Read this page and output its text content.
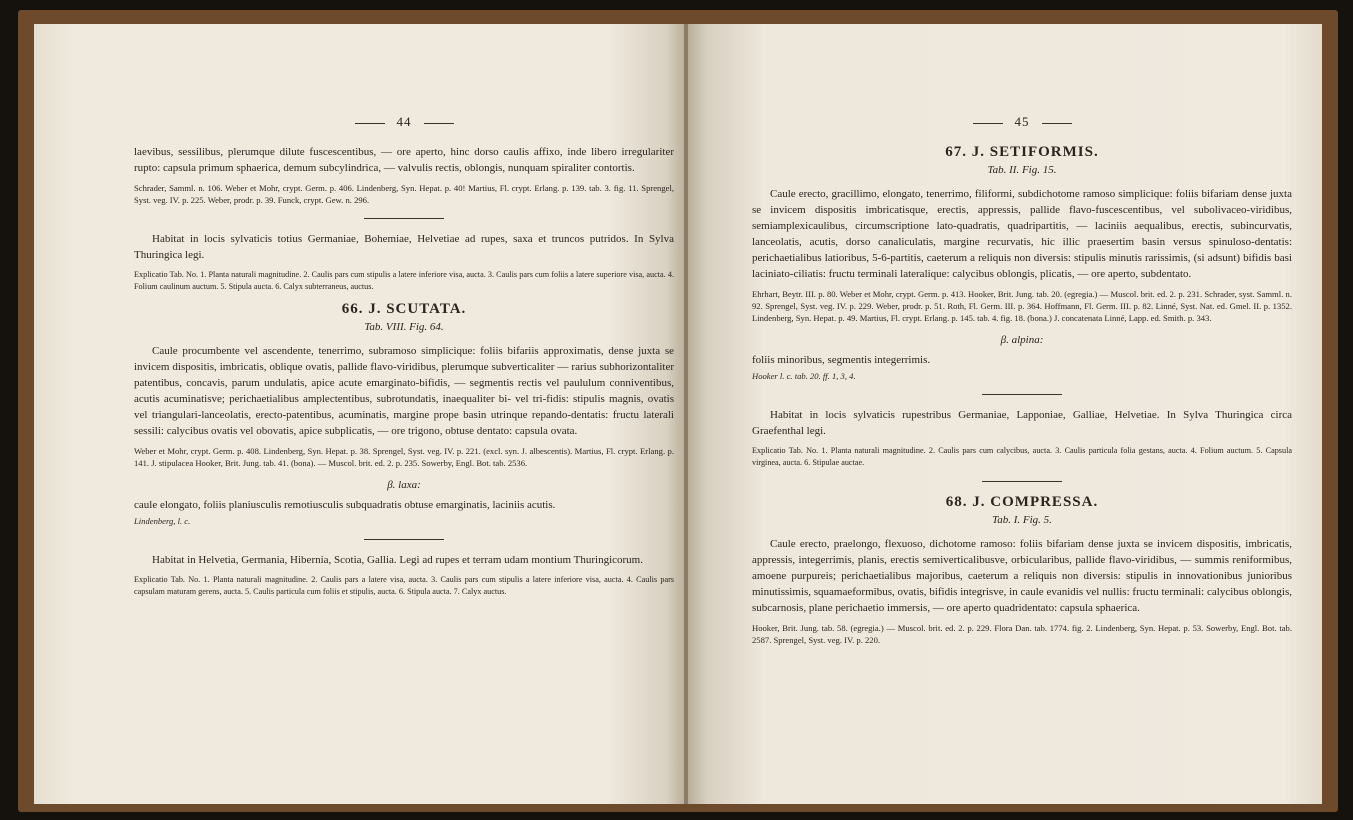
44

laevibus, sessilibus, plerumque dilute fuscescentibus, — ore aperto, hinc dorso caulis affixo, inde libero irregulariter rupto: capsula primum sphaerica, demum subcylindrica, — valvulis rectis, oblongis, nunquam spiraliter contortis.

Schrader, Samml. n. 106. Weber et Mohr, crypt. Germ. p. 406. Lindenberg, Syn. Hepat. p. 40! Martius, Fl. crypt. Erlang. p. 139. tab. 3. fig. 11. Sprengel, Syst. veg. IV. p. 225. Weber, prodr. p. 39. Funck, crypt. Gew. n. 296.

Habitat in locis sylvaticis totius Germaniae, Bohemiae, Helvetiae ad rupes, saxa et truncos putridos. In Sylva Thuringica legi.

Explicatio Tab. No. 1. Planta naturali magnitudine. 2. Caulis pars cum stipulis a latere inferiore visa, aucta. 3. Caulis pars cum foliis a latere superiore visa, aucta. 4. Folium caulinum auctum. 5. Stipula aucta. 6. Calyx subterraneus, auctus.

66. J. SCUTATA.
Tab. VIII. Fig. 64.

Caule procumbente vel ascendente, tenerrimo, subramoso simplicique: foliis bifariis approximatis, dense juxta se invicem dispositis, imbricatis, oblique ovatis, pallide flavo-viridibus, plerumque subverticaliter — rarius subhorizontaliter patentibus, concavis, parum undulatis, apice acute emarginato-bifidis, — segmentis rectis vel paululum conniventibus, acutis acuminatisve; perichaetialibus amplectentibus, subrotundatis, inaequaliter bi- vel tri-fidis: stipulis magnis, ovatis vel triangulari-lanceolatis, erecto-patentibus, acuminatis, margine prope basin utrinque repando-dentatis: fructu laterali sessili: calycibus ovatis vel obovatis, apice subplicatis, — ore trigono, obtuse dentato: capsula ovata.

Weber et Mohr, crypt. Germ. p. 408. Lindenberg, Syn. Hepat. p. 38. Sprengel, Syst. veg. IV. p. 221. (excl. syn. J. albescentis). Martius, Fl. crypt. Erlang. p. 141. J. stipulacea Hooker, Brit. Jung. tab. 41. (bona). — Muscol. brit. ed. 2. p. 235. Sowerby, Engl. Bot. tab. 2536.

β. laxa:

caule elongato, foliis planiusculis remotiusculis subquadratis obtuse emarginatis, laciniis acutis.

Lindenberg, l. c.

Habitat in Helvetia, Germania, Hibernia, Scotia, Gallia. Legi ad rupes et terram udam montium Thuringicorum.

Explicatio Tab. No. 1. Planta naturali magnitudine. 2. Caulis pars a latere visa, aucta. 3. Caulis pars cum stipulis a latere inferiore visa, aucta. 4. Caulis pars capsulam maturam gerens, aucta. 5. Caulis particula cum foliis et stipulis, aucta. 6. Stipula aucta. 7. Calyx auctus.

45
67. J. SETIFORMIS.
Tab. II. Fig. 15.

Caule erecto, gracillimo, elongato, tenerrimo, filiformi, subdichotome ramoso simplicique: foliis bifariam dense juxta se invicem dispositis imbricatisque, erectis, appressis, pallide flavo-fuscescentibus, vel subolivaceo-viridibus, semiamplexicaulibus, circumscriptione lato-quadratis, quadripartitis, — laciniis aequalibus, erectis, subincurvatis, lanceolatis, acutis, dorso canaliculatis, margine recurvatis, hic illic praesertim basin versus spinuloso-dentatis: perichaetialibus latioribus, 5-6-partitis, caeterum a reliquis non diversis: stipulis minutis rarissimis, (si adsunt) bifidis basi laciniato-ciliatis: fructu terminali lateralique: calycibus oblongis, plicatis, — ore aperto, subdentato.

Ehrhart, Beytr. III. p. 80. Weber et Mohr, crypt. Germ. p. 413. Hooker, Brit. Jung. tab. 20. (egregia.) — Muscol. brit. ed. 2. p. 231. Schrader, syst. Samml. n. 92. Sprengel, Syst. veg. IV. p. 229. Weber, prodr. p. 51. Roth, Fl. Germ. III. p. 364. Hoffmann, Fl. Germ. III. p. 82. Linné, Syst. Nat. ed. Gmel. II. p. 1352. Lindenberg, Syn. Hepat. p. 49. Martius, Fl. crypt. Erlang. p. 145. tab. 4. fig. 18. (bona.) J. concatenata Linné, Lapp. ed. Smith. p. 343.

β. alpina:

foliis minoribus, segmentis integerrimis.

Hooker l. c. tab. 20. ff. 1, 3, 4.

Habitat in locis sylvaticis rupestribus Germaniae, Lapponiae, Galliae, Helvetiae. In Sylva Thuringica circa Graefenthal legi.

Explicatio Tab. No. 1. Planta naturali magnitudine. 2. Caulis pars cum calycibus, aucta. 3. Caulis particula folia gestans, aucta. 4. Folium auctum. 5. Capsula virginea, aucta. 6. Stipulae auctae.

68. J. COMPRESSA.
Tab. I. Fig. 5.

Caule erecto, praelongo, flexuoso, dichotome ramoso: foliis bifariam dense juxta se invicem dispositis, imbricatis, appressis, integerrimis, planis, erectis semiverticalibusve, orbicularibus, pallide flavo-viridibus, — summis reniformibus, amoene purpureis; perichaetialibus majoribus, caeterum a reliquis non diversis: stipulis in innovationibus junioribus minutissimis, squamaeformibus, ovatis, bifidis integrisve, in caule evanidis vel nullis: fructu terminali: calycibus oblongis, subcarnosis, plane perichaetio immersis, — ore aperto quadridentato: capsula sphaerica.

Hooker, Brit. Jung. tab. 58. (egregia.) — Muscol. brit. ed. 2. p. 229. Flora Dan. tab. 1774. fig. 2. Lindenberg, Syn. Hepat. p. 53. Sowerby, Engl. Bot. tab. 2587. Sprengel, Syst. veg. IV. p. 220.
